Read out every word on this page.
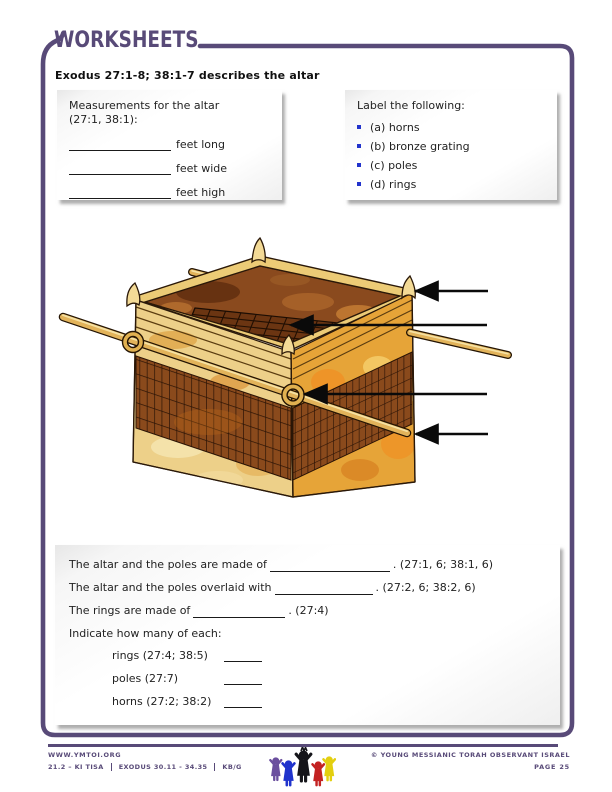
WORKSHEETS
Exodus 27:1-8; 38:1-7 describes the altar
Measurements for the altar
(27:1, 38:1):
feet long
feet wide
feet high
Label the following:
(a) horns
(b) bronze grating
(c) poles
(d) rings
The altar and the poles are made of	. (27:1, 6; 38:1, 6)
The altar and the poles overlaid with	. (27:2, 6; 38:2, 6)
The rings are made of	. (27:4)
Indicate how many of each:
rings (27:4; 38:5)
poles (27:7)
horns (27:2; 38:2)
WWW.YMTOI.ORG
21.2 – KI TISA	EXODUS 30.11 - 34.35	KB/G
© YOUNG MESSIANIC TORAH OBSERVANT ISRAEL
PAGE 25
